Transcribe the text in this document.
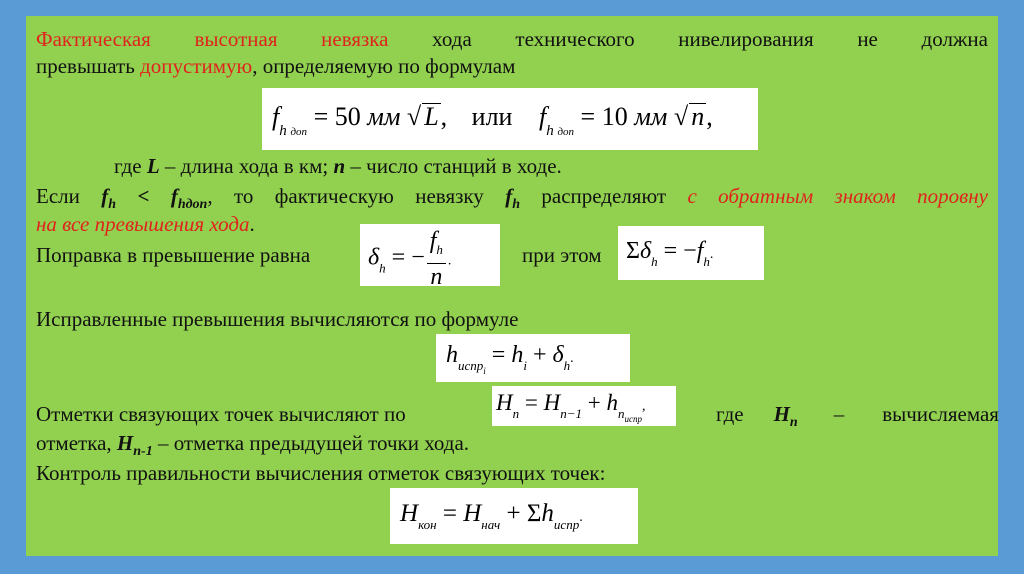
Фактическая высотная невязка хода технического нивелирования не должна
превышать допустимую, определяемую по формулам
$f_{h доп} = 50$ мм √ L, или $f_{h доп} = 10$ мм √ n,
где L – длина хода в км; n – число станций в ходе.
Если $f_h < f_{hдоп}$, то фактическую невязку $f_h$ распределяют с обратным знаком поровну
на все превышения хода.
Поправка в превышение равна	при этом
$\delta_h$ = − $\frac{f_h}{n}$ .	$\Sigma\delta_h = -f_h$.
Исправленные превышения вычисляются по формуле
$h_{испрi} = h_i + \delta_h$.
Отметки связующих точек вычисляют по	где $H_n$ – вычисляемая
$H_n = H_{n-1} + h_{nиспр}$,
отметка, $H_{n-1}$ – отметка предыдущей точки хода.
Контроль правильности вычисления отметок связующих точек:
$H_{кон} = H_{нач} + \Sigma h_{испр}$.
